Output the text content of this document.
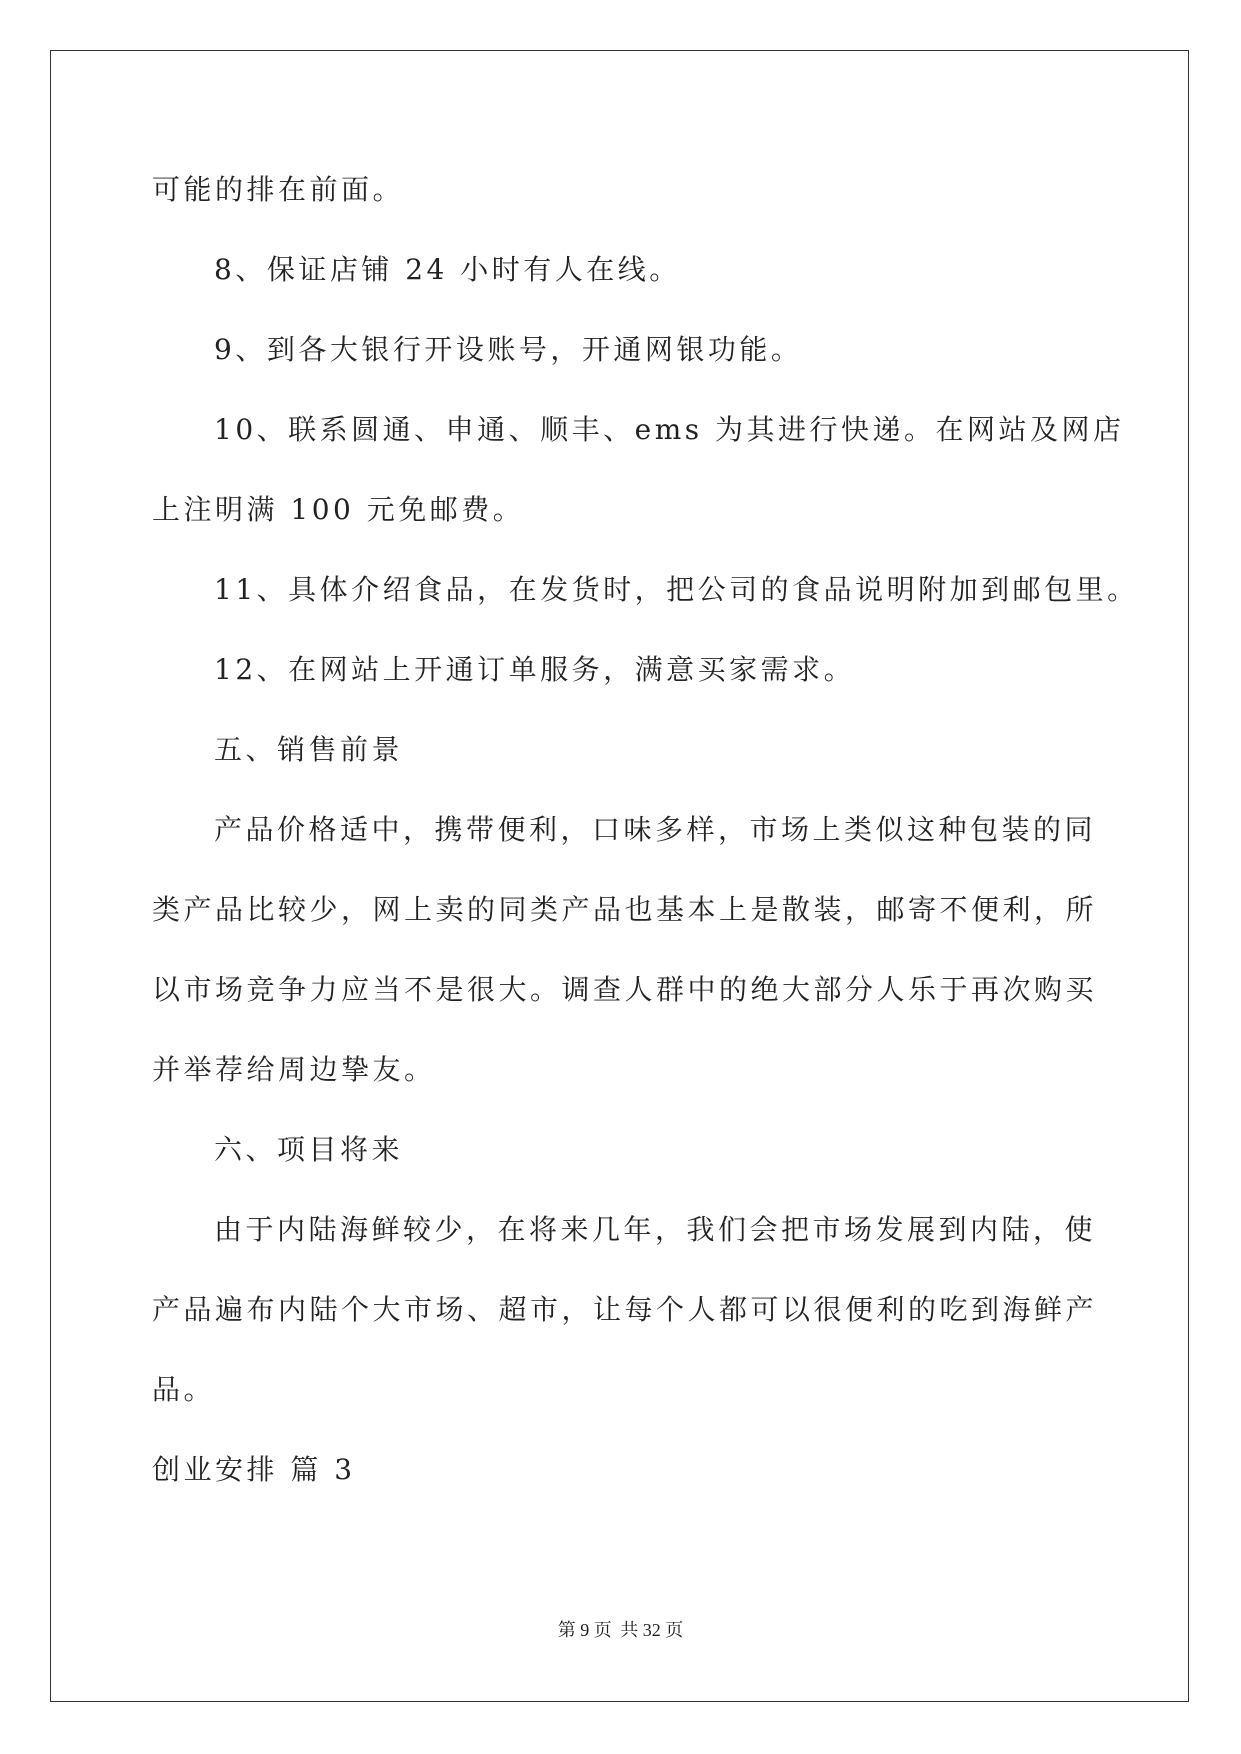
可能的排在前面。
8、保证店铺 24 小时有人在线。
9、到各大银行开设账号，开通网银功能。
10、联系圆通、申通、顺丰、ems 为其进行快递。在网站及网店
上注明满 100 元免邮费。
11、具体介绍食品，在发货时，把公司的食品说明附加到邮包里。
12、在网站上开通订单服务，满意买家需求。
五、销售前景
产品价格适中，携带便利，口味多样，市场上类似这种包装的同
类产品比较少，网上卖的同类产品也基本上是散装，邮寄不便利，所
以市场竞争力应当不是很大。调查人群中的绝大部分人乐于再次购买
并举荐给周边挚友。
六、项目将来
由于内陆海鲜较少，在将来几年，我们会把市场发展到内陆，使
产品遍布内陆个大市场、超市，让每个人都可以很便利的吃到海鲜产
品。
创业安排 篇 3
第 9 页 共 32 页
